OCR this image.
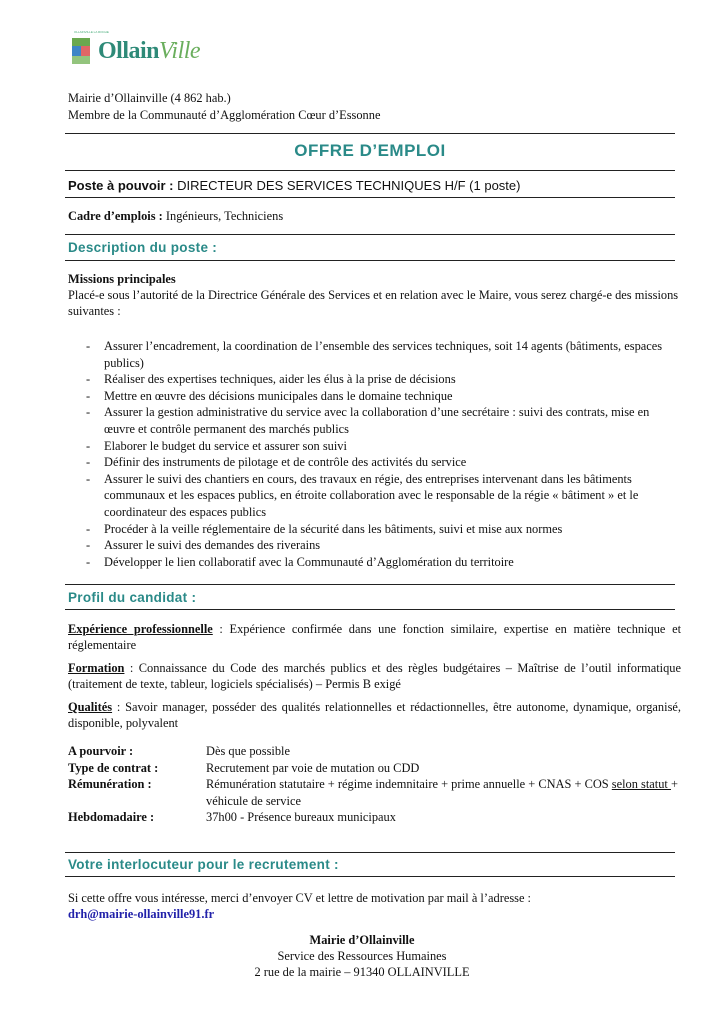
OLLAINVILLE LA ROCHE
OllainVille
Mairie d’Ollainville (4 862 hab.)
Membre de la Communauté d’Agglomération Cœur d’Essonne
OFFRE D’EMPLOI
Poste à pouvoir : DIRECTEUR DES SERVICES TECHNIQUES H/F (1 poste)
Cadre d’emplois : Ingénieurs, Techniciens
Description du poste :
Missions principales
Placé-e sous l’autorité de la Directrice Générale des Services et en relation avec le Maire, vous serez chargé-e des missions suivantes :
- Assurer l’encadrement, la coordination de l’ensemble des services techniques, soit 14 agents (bâtiments, espaces publics)
- Réaliser des expertises techniques, aider les élus à la prise de décisions
- Mettre en œuvre des décisions municipales dans le domaine technique
- Assurer la gestion administrative du service avec la collaboration d’une secrétaire : suivi des contrats, mise en œuvre et contrôle permanent des marchés publics
- Elaborer le budget du service et assurer son suivi
- Définir des instruments de pilotage et de contrôle des activités du service
- Assurer le suivi des chantiers en cours, des travaux en régie, des entreprises intervenant dans les bâtiments communaux et les espaces publics, en étroite collaboration avec le responsable de la régie « bâtiment » et le coordinateur des espaces publics
- Procéder à la veille réglementaire de la sécurité dans les bâtiments, suivi et mise aux normes
- Assurer le suivi des demandes des riverains
- Développer le lien collaboratif avec la Communauté d’Agglomération du territoire
Profil du candidat :
Expérience professionnelle : Expérience confirmée dans une fonction similaire, expertise en matière technique et réglementaire
Formation : Connaissance du Code des marchés publics et des règles budgétaires – Maîtrise de l’outil informatique (traitement de texte, tableur, logiciels spécialisés) – Permis B exigé
Qualités : Savoir manager, posséder des qualités relationnelles et rédactionnelles, être autonome, dynamique, organisé, disponible, polyvalent
A pourvoir :	Dès que possible
Type de contrat :	Recrutement par voie de mutation ou CDD
Rémunération :	Rémunération statutaire + régime indemnitaire + prime annuelle + CNAS + COS selon statut + véhicule de service
Hebdomadaire :	37h00 - Présence bureaux municipaux
Votre interlocuteur pour le recrutement :
Si cette offre vous intéresse, merci d’envoyer CV et lettre de motivation par mail à l’adresse :
drh@mairie-ollainville91.fr
Mairie d’Ollainville
Service des Ressources Humaines
2 rue de la mairie – 91340 OLLAINVILLE
